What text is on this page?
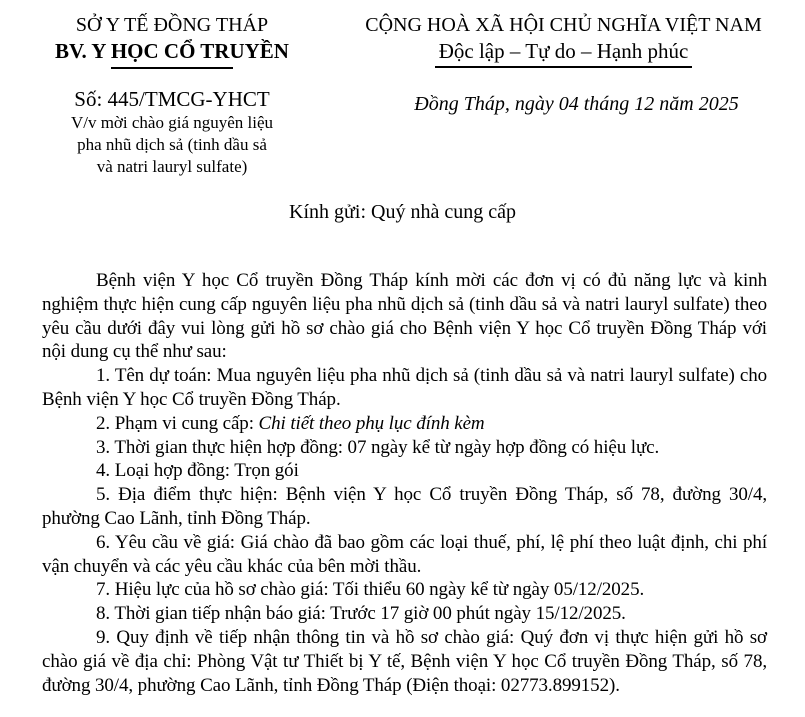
SỞ Y TẾ ĐỒNG THÁP
BV. Y HỌC CỔ TRUYỀN
Số: 445/TMCG-YHCT
V/v mời chào giá nguyên liệu
pha nhũ dịch sả (tinh dầu sả
và natri lauryl sulfate)
CỘNG HOÀ XÃ HỘI CHỦ NGHĨA VIỆT NAM
Độc lập – Tự do – Hạnh phúc
Đồng Tháp, ngày 04 tháng 12 năm 2025
Kính gửi: Quý nhà cung cấp

Bệnh viện Y học Cổ truyền Đồng Tháp kính mời các đơn vị có đủ năng lực và kinh nghiệm thực hiện cung cấp nguyên liệu pha nhũ dịch sả (tinh dầu sả và natri lauryl sulfate) theo yêu cầu dưới đây vui lòng gửi hồ sơ chào giá cho Bệnh viện Y học Cổ truyền Đồng Tháp với nội dung cụ thể như sau:

1. Tên dự toán: Mua nguyên liệu pha nhũ dịch sả (tinh dầu sả và natri lauryl sulfate) cho Bệnh viện Y học Cổ truyền Đồng Tháp.

2. Phạm vi cung cấp: Chi tiết theo phụ lục đính kèm

3. Thời gian thực hiện hợp đồng: 07 ngày kể từ ngày hợp đồng có hiệu lực.

4. Loại hợp đồng: Trọn gói

5. Địa điểm thực hiện: Bệnh viện Y học Cổ truyền Đồng Tháp, số 78, đường 30/4, phường Cao Lãnh, tỉnh Đồng Tháp.

6. Yêu cầu về giá: Giá chào đã bao gồm các loại thuế, phí, lệ phí theo luật định, chi phí vận chuyển và các yêu cầu khác của bên mời thầu.

7. Hiệu lực của hồ sơ chào giá: Tối thiểu 60 ngày kể từ ngày 05/12/2025.

8. Thời gian tiếp nhận báo giá: Trước 17 giờ 00 phút ngày 15/12/2025.

9. Quy định về tiếp nhận thông tin và hồ sơ chào giá: Quý đơn vị thực hiện gửi hồ sơ chào giá về địa chỉ: Phòng Vật tư Thiết bị Y tế, Bệnh viện Y học Cổ truyền Đồng Tháp, số 78, đường 30/4, phường Cao Lãnh, tỉnh Đồng Tháp (Điện thoại: 02773.899152).
